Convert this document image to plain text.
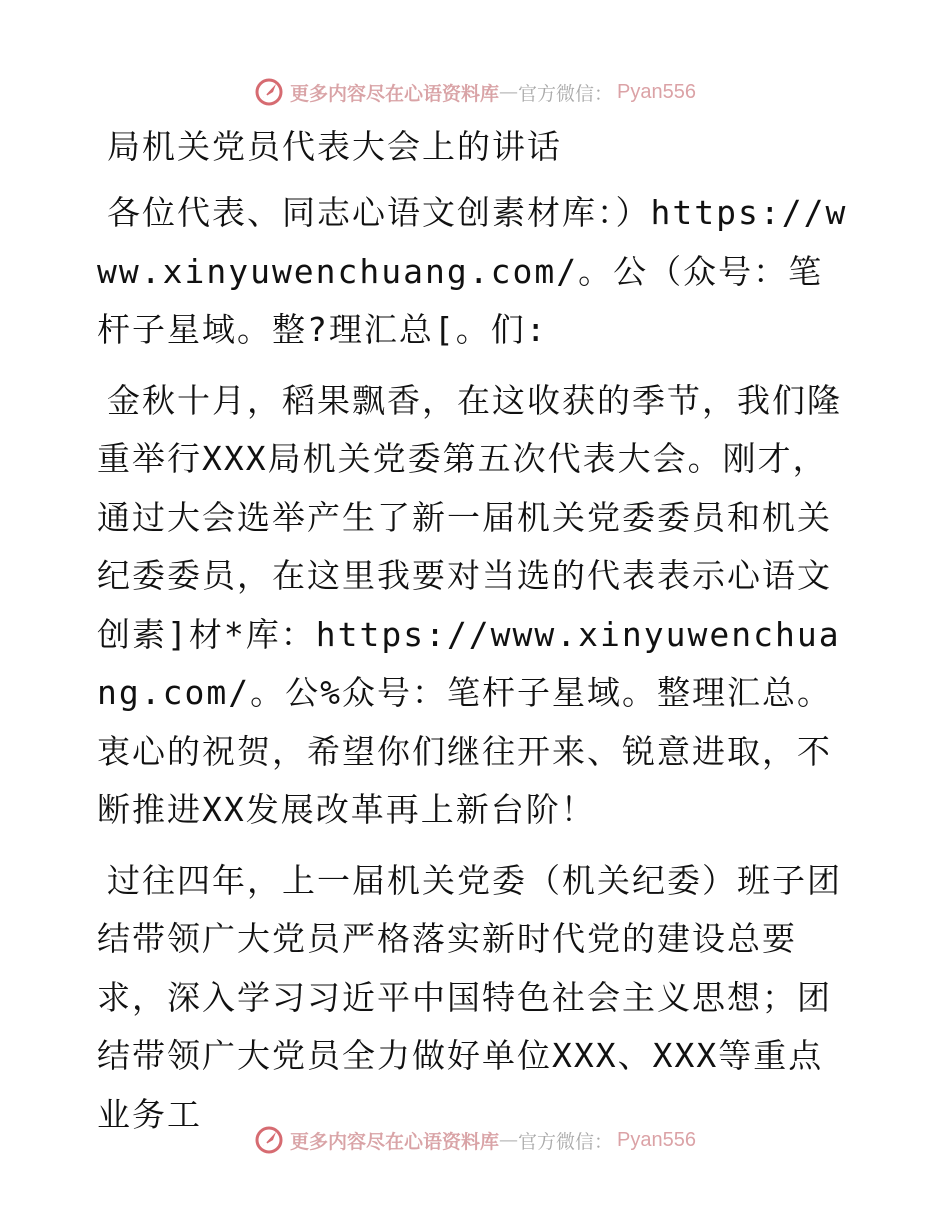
更多内容尽在心语资料库 — 官方微信： Pyan556
局机关党员代表大会上的讲话

各位代表、同志心语文创素材库：）https://www.xinyuwenchuang.com/。公（众号：笔杆子星域。整?理汇总[。们:

金秋十月，稻果飘香，在这收获的季节，我们隆重举行XXX局机关党委第五次代表大会。刚才，通过大会选举产生了新一届机关党委委员和机关纪委委员，在这里我要对当选的代表表示心语文创素]材*库：https://www.xinyuwenchuang.com/。公%众号：笔杆子星域。整理汇总。衷心的祝贺，希望你们继往开来、锐意进取，不断推进XX发展改革再上新台阶！

过往四年，上一届机关党委（机关纪委）班子团结带领广大党员严格落实新时代党的建设总要求，深入学习习近平中国特色社会主义思想；团结带领广大党员全力做好单位XXX、XXX等重点业务工

更多内容尽在心语资料库 — 官方微信： Pyan556
